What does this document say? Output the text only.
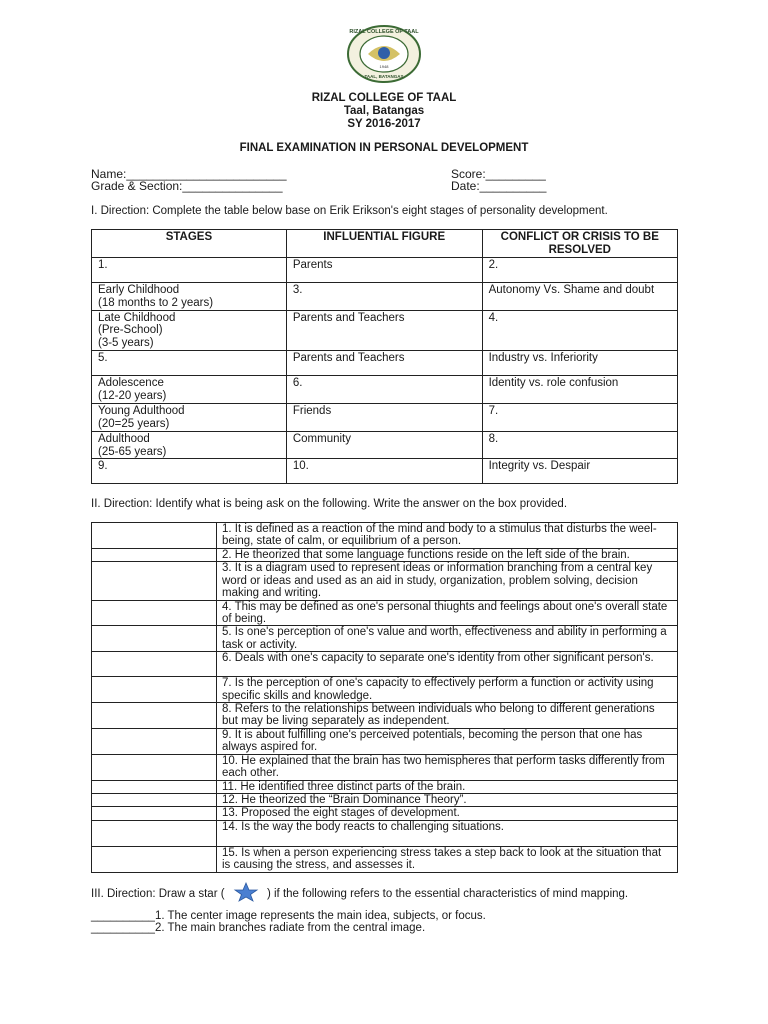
RIZAL COLLEGE OF TAAL
1948
TAAL, BATANGAS
RIZAL COLLEGE OF TAAL
Taal, Batangas
SY 2016-2017
FINAL EXAMINATION IN PERSONAL DEVELOPMENT
Name:________________________	Score:_________
Grade & Section:_______________	Date:__________
I. Direction: Complete the table below base on Erik Erikson's eight stages of personality development.
STAGES	INFLUENTIAL FIGURE	CONFLICT OR CRISIS TO BE RESOLVED
1.	Parents	2.
Early Childhood
(18 months to 2 years)	3.	Autonomy Vs. Shame and doubt
Late Childhood
(Pre-School)
(3-5 years)	Parents and Teachers	4.
5.	Parents and Teachers	Industry vs. Inferiority
Adolescence
(12-20 years)	6.	Identity vs. role confusion
Young Adulthood
(20=25 years)	Friends	7.
Adulthood
(25-65 years)	Community	8.
9.	10.	Integrity vs. Despair
II. Direction: Identify what is being ask on the following. Write the answer on the box provided.
	1. It is defined as a reaction of the mind and body to a stimulus that disturbs the weel-being, state of calm, or equilibrium of a person.
	2. He theorized that some language functions reside on the left side of the brain.
	3. It is a diagram used to represent ideas or information branching from a central key word or ideas and used as an aid in study, organization, problem solving, decision making and writing.
	4. This may be defined as one's personal thiughts and feelings about one's overall state of being.
	5. Is one's perception of one's value and worth, effectiveness and ability in performing a task or activity.
	6. Deals with one's capacity to separate one's identity from other significant person's.
	7. Is the perception of one's capacity to effectively perform a function or activity using specific skills and knowledge.
	8. Refers to the relationships between individuals who belong to different generations but may be living separately as independent.
	9. It is about fulfilling one's perceived potentials, becoming the person that one has always aspired for.
	10. He explained that the brain has two hemispheres that perform tasks differently from each other.
	11. He identified three distinct parts of the brain.
	12. He theorized the “Brain Dominance Theory”.
	13. Proposed the eight stages of development.
	14. Is the way the body reacts to challenging situations.
	15. Is when a person experiencing stress takes a step back to look at the situation that is causing the stress, and assesses it.
III. Direction: Draw a star (	) if the following refers to the essential characteristics of mind mapping.
__________1. The center image represents the main idea, subjects, or focus.
__________2. The main branches radiate from the central image.
